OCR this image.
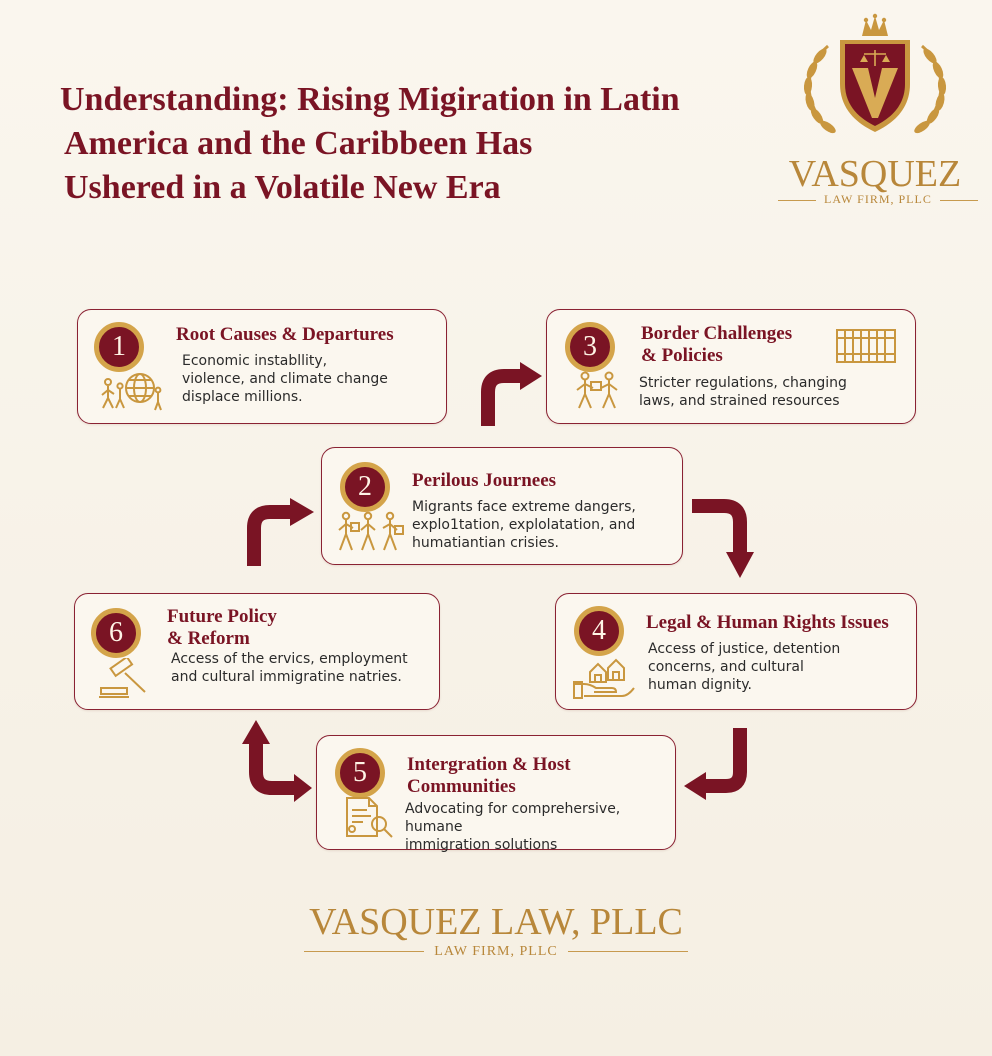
Understanding: Rising Migiration in Latin
America and the Caribbeen Has
Ushered in a Volatile New Era	VASQUEZ
LAW FIRM, PLLC
1	Root Causes & Departures
Economic instabllity,
violence, and climate change
displace millions.
3	Border Challenges
& Policies
Stricter regulations, changing
laws, and strained resources
2	Perilous Journees
Migrants face extreme dangers,
explo1tation, explolatation, and
humatiantian crisies.
6
Future Policy
& Reform
Access of the ervics, employment
and cultural immigratine natries.
4	Legal & Human Rights Issues
Access of justice, detention
concerns, and cultural
human dignity.
5	Intergration & Host
Communities
Advocating for comprehersive, humane
immigration solutions
VASQUEZ LAW, PLLC
LAW FIRM, PLLC
